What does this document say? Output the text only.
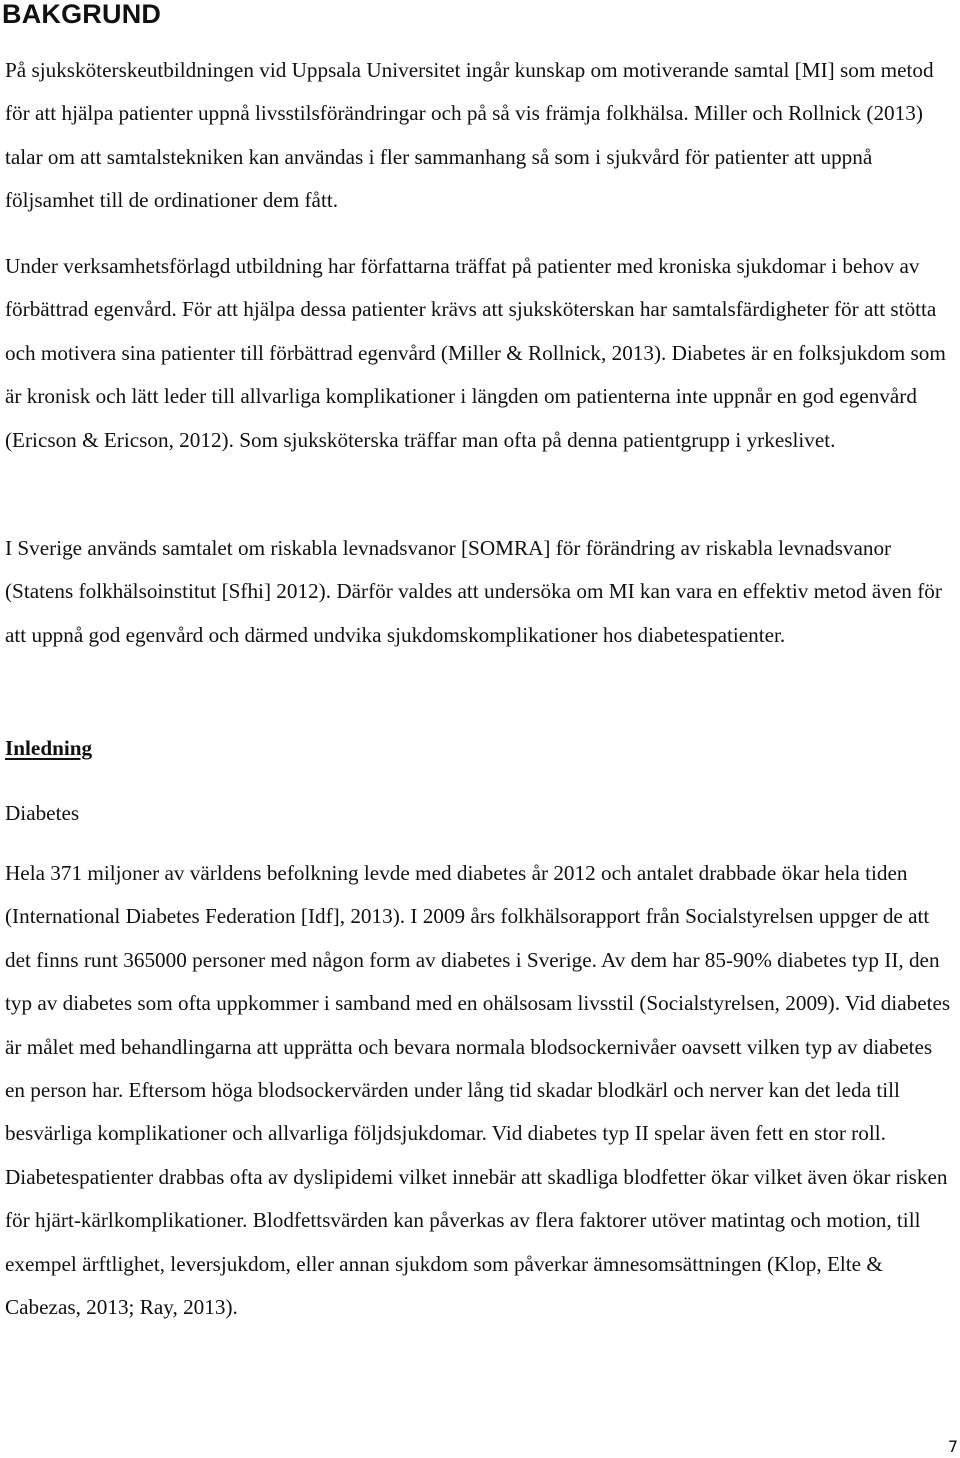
BAKGRUND

På sjuksköterskeutbildningen vid Uppsala Universitet ingår kunskap om motiverande samtal [MI] som metod för att hjälpa patienter uppnå livsstilsförändringar och på så vis främja folkhälsa. Miller och Rollnick (2013) talar om att samtalstekniken kan användas i fler sammanhang så som i sjukvård för patienter att uppnå följsamhet till de ordinationer dem fått.

Under verksamhetsförlagd utbildning har författarna träffat på patienter med kroniska sjukdomar i behov av förbättrad egenvård. För att hjälpa dessa patienter krävs att sjuksköterskan har samtalsfärdigheter för att stötta och motivera sina patienter till förbättrad egenvård (Miller & Rollnick, 2013). Diabetes är en folksjukdom som är kronisk och lätt leder till allvarliga komplikationer i längden om patienterna inte uppnår en god egenvård (Ericson & Ericson, 2012). Som sjuksköterska träffar man ofta på denna patientgrupp i yrkeslivet.

I Sverige används samtalet om riskabla levnadsvanor [SOMRA] för förändring av riskabla levnadsvanor (Statens folkhälsoinstitut [Sfhi] 2012). Därför valdes att undersöka om MI kan vara en effektiv metod även för att uppnå god egenvård och därmed undvika sjukdomskomplikationer hos diabetespatienter.

Inledning
Diabetes

Hela 371 miljoner av världens befolkning levde med diabetes år 2012 och antalet drabbade ökar hela tiden (International Diabetes Federation [Idf], 2013). I 2009 års folkhälsorapport från Socialstyrelsen uppger de att det finns runt 365000 personer med någon form av diabetes i Sverige. Av dem har 85-90% diabetes typ II, den typ av diabetes som ofta uppkommer i samband med en ohälsosam livsstil (Socialstyrelsen, 2009). Vid diabetes är målet med behandlingarna att upprätta och bevara normala blodsockernivåer oavsett vilken typ av diabetes en person har. Eftersom höga blodsockervärden under lång tid skadar blodkärl och nerver kan det leda till besvärliga komplikationer och allvarliga följdsjukdomar. Vid diabetes typ II spelar även fett en stor roll. Diabetespatienter drabbas ofta av dyslipidemi vilket innebär att skadliga blodfetter ökar vilket även ökar risken för hjärt-kärlkomplikationer. Blodfettsvärden kan påverkas av flera faktorer utöver matintag och motion, till exempel ärftlighet, leversjukdom, eller annan sjukdom som påverkar ämnesomsättningen (Klop, Elte & Cabezas, 2013; Ray, 2013).

7
